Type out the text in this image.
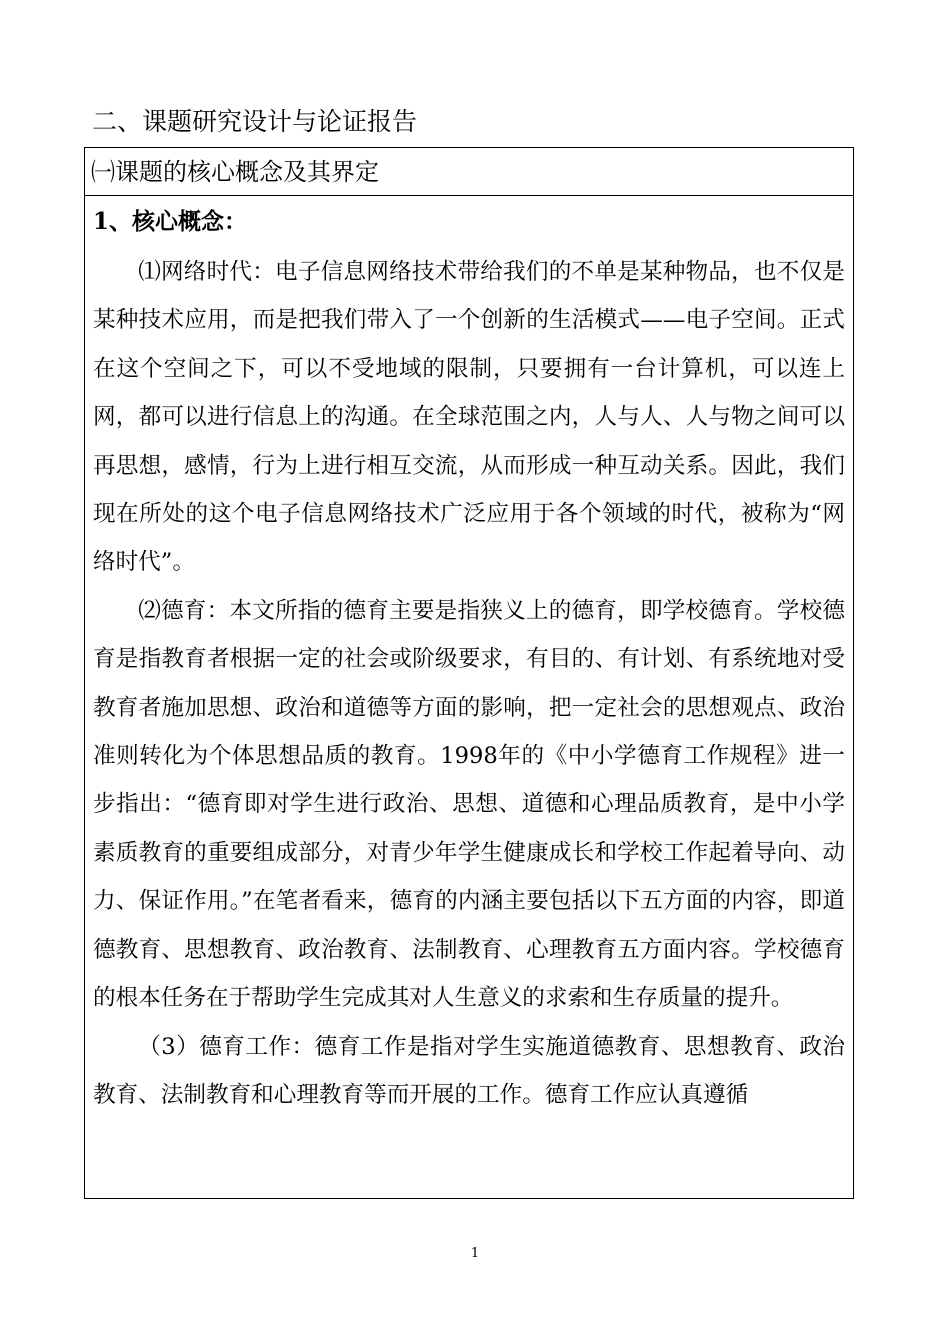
二、课题研究设计与论证报告
㈠课题的核心概念及其界定
1、核心概念：

⑴网络时代：电子信息网络技术带给我们的不单是某种物品，也不仅是某种技术应用，而是把我们带入了一个创新的生活模式——电子空间。正式在这个空间之下，可以不受地域的限制，只要拥有一台计算机，可以连上网，都可以进行信息上的沟通。在全球范围之内，人与人、人与物之间可以再思想，感情，行为上进行相互交流，从而形成一种互动关系。因此，我们现在所处的这个电子信息网络技术广泛应用于各个领域的时代，被称为“网络时代”。

⑵德育：本文所指的德育主要是指狭义上的德育，即学校德育。学校德育是指教育者根据一定的社会或阶级要求，有目的、有计划、有系统地对受教育者施加思想、政治和道德等方面的影响，把一定社会的思想观点、政治准则转化为个体思想品质的教育。1998年的《中小学德育工作规程》进一步指出：“德育即对学生进行政治、思想、道德和心理品质教育，是中小学素质教育的重要组成部分，对青少年学生健康成长和学校工作起着导向、动力、保证作用。”在笔者看来，德育的内涵主要包括以下五方面的内容，即道德教育、思想教育、政治教育、法制教育、心理教育五方面内容。学校德育的根本任务在于帮助学生完成其对人生意义的求索和生存质量的提升。

（3）德育工作：德育工作是指对学生实施道德教育、思想教育、政治教育、法制教育和心理教育等而开展的工作。德育工作应认真遵循

1
